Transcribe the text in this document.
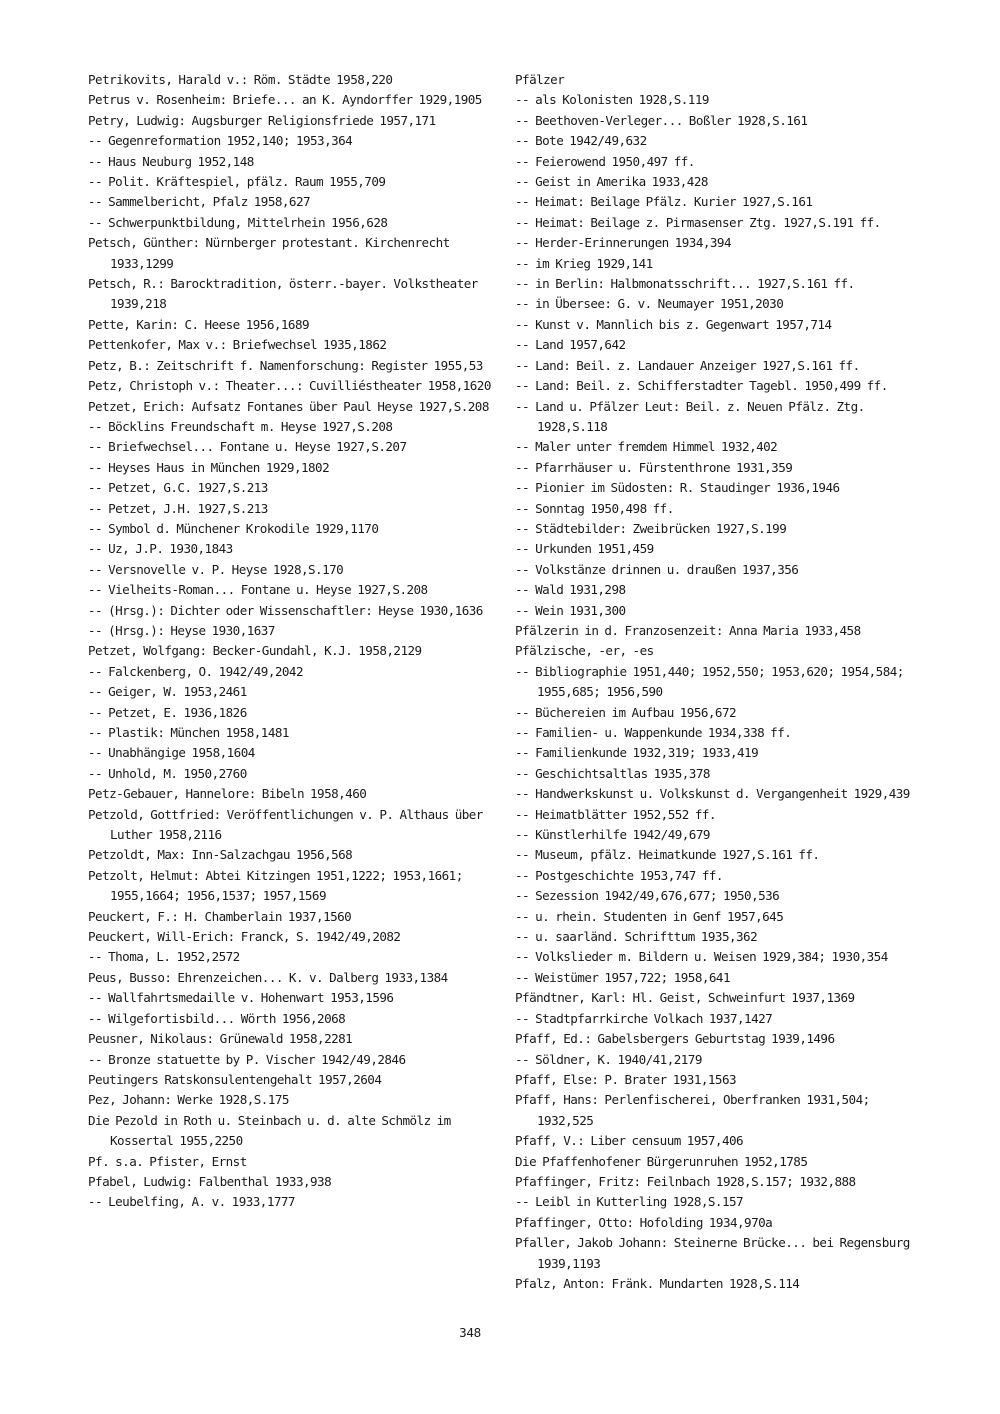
Petrikovits, Harald v.: Röm. Städte 1958,220
Petrus v. Rosenheim: Briefe... an K. Ayndorffer 1929,1905
Petry, Ludwig: Augsburger Religionsfriede 1957,171
-- Gegenreformation 1952,140; 1953,364
-- Haus Neuburg 1952,148
-- Polit. Kräftespiel, pfälz. Raum 1955,709
-- Sammelbericht, Pfalz 1958,627
-- Schwerpunktbildung, Mittelrhein 1956,628
Petsch, Günther: Nürnberger protestant. Kirchenrecht 1933,1299
Petsch, R.: Barocktradition, österr.-bayer. Volkstheater 1939,218
Pette, Karin: C. Heese 1956,1689
Pettenkofer, Max v.: Briefwechsel 1935,1862
Petz, B.: Zeitschrift f. Namenforschung: Register 1955,53
Petz, Christoph v.: Theater...: Cuvilliéstheater 1958,1620
Petzet, Erich: Aufsatz Fontanes über Paul Heyse 1927,S.208
-- Böcklins Freundschaft m. Heyse 1927,S.208
-- Briefwechsel... Fontane u. Heyse 1927,S.207
-- Heyses Haus in München 1929,1802
-- Petzet, G.C. 1927,S.213
-- Petzet, J.H. 1927,S.213
-- Symbol d. Münchener Krokodile 1929,1170
-- Uz, J.P. 1930,1843
-- Versnovelle v. P. Heyse 1928,S.170
-- Vielheits-Roman... Fontane u. Heyse 1927,S.208
-- (Hrsg.): Dichter oder Wissenschaftler: Heyse 1930,1636
-- (Hrsg.): Heyse 1930,1637
Petzet, Wolfgang: Becker-Gundahl, K.J. 1958,2129
-- Falckenberg, O. 1942/49,2042
-- Geiger, W. 1953,2461
-- Petzet, E. 1936,1826
-- Plastik: München 1958,1481
-- Unabhängige 1958,1604
-- Unhold, M. 1950,2760
Petz-Gebauer, Hannelore: Bibeln 1958,460
Petzold, Gottfried: Veröffentlichungen v. P. Althaus über Luther 1958,2116
Petzoldt, Max: Inn-Salzachgau 1956,568
Petzolt, Helmut: Abtei Kitzingen 1951,1222; 1953,1661; 1955,1664; 1956,1537; 1957,1569
Peuckert, F.: H. Chamberlain 1937,1560
Peuckert, Will-Erich: Franck, S. 1942/49,2082
-- Thoma, L. 1952,2572
Peus, Busso: Ehrenzeichen... K. v. Dalberg 1933,1384
-- Wallfahrtsmedaille v. Hohenwart 1953,1596
-- Wilgefortisbild... Wörth 1956,2068
Peusner, Nikolaus: Grünewald 1958,2281
-- Bronze statuette by P. Vischer 1942/49,2846
Peutingers Ratskonsulentengehalt 1957,2604
Pez, Johann: Werke 1928,S.175
Die Pezold in Roth u. Steinbach u. d. alte Schmölz im Kossertal 1955,2250
Pf. s.a. Pfister, Ernst
Pfabel, Ludwig: Falbenthal 1933,938
-- Leubelfing, A. v. 1933,1777
Pfälzer
-- als Kolonisten 1928,S.119
-- Beethoven-Verleger... Boßler 1928,S.161
-- Bote 1942/49,632
-- Feierowend 1950,497 ff.
-- Geist in Amerika 1933,428
-- Heimat: Beilage Pfälz. Kurier 1927,S.161
-- Heimat: Beilage z. Pirmasenser Ztg. 1927,S.191 ff.
-- Herder-Erinnerungen 1934,394
-- im Krieg 1929,141
-- in Berlin: Halbmonatsschrift... 1927,S.161 ff.
-- in Übersee: G. v. Neumayer 1951,2030
-- Kunst v. Mannlich bis z. Gegenwart 1957,714
-- Land 1957,642
-- Land: Beil. z. Landauer Anzeiger 1927,S.161 ff.
-- Land: Beil. z. Schifferstadter Tagebl. 1950,499 ff.
-- Land u. Pfälzer Leut: Beil. z. Neuen Pfälz. Ztg. 1928,S.118
-- Maler unter fremdem Himmel 1932,402
-- Pfarrhäuser u. Fürstenthrone 1931,359
-- Pionier im Südosten: R. Staudinger 1936,1946
-- Sonntag 1950,498 ff.
-- Städtebilder: Zweibrücken 1927,S.199
-- Urkunden 1951,459
-- Volkstänze drinnen u. draußen 1937,356
-- Wald 1931,298
-- Wein 1931,300
Pfälzerin in d. Franzosenzeit: Anna Maria 1933,458
Pfälzische, -er, -es
-- Bibliographie 1951,440; 1952,550; 1953,620; 1954,584; 1955,685; 1956,590
-- Büchereien im Aufbau 1956,672
-- Familien- u. Wappenkunde 1934,338 ff.
-- Familienkunde 1932,319; 1933,419
-- Geschichtsaltlas 1935,378
-- Handwerkskunst u. Volkskunst d. Vergangenheit 1929,439
-- Heimatblätter 1952,552 ff.
-- Künstlerhilfe 1942/49,679
-- Museum, pfälz. Heimatkunde 1927,S.161 ff.
-- Postgeschichte 1953,747 ff.
-- Sezession 1942/49,676,677; 1950,536
-- u. rhein. Studenten in Genf 1957,645
-- u. saarländ. Schrifttum 1935,362
-- Volkslieder m. Bildern u. Weisen 1929,384; 1930,354
-- Weistümer 1957,722; 1958,641
Pfändtner, Karl: Hl. Geist, Schweinfurt 1937,1369
-- Stadtpfarrkirche Volkach 1937,1427
Pfaff, Ed.: Gabelsbergers Geburtstag 1939,1496
-- Söldner, K. 1940/41,2179
Pfaff, Else: P. Brater 1931,1563
Pfaff, Hans: Perlenfischerei, Oberfranken 1931,504; 1932,525
Pfaff, V.: Liber censuum 1957,406
Die Pfaffenhofener Bürgerunruhen 1952,1785
Pfaffinger, Fritz: Feilnbach 1928,S.157; 1932,888
-- Leibl in Kutterling 1928,S.157
Pfaffinger, Otto: Hofolding 1934,970a
Pfaller, Jakob Johann: Steinerne Brücke... bei Regensburg 1939,1193
Pfalz, Anton: Fränk. Mundarten 1928,S.114
348
